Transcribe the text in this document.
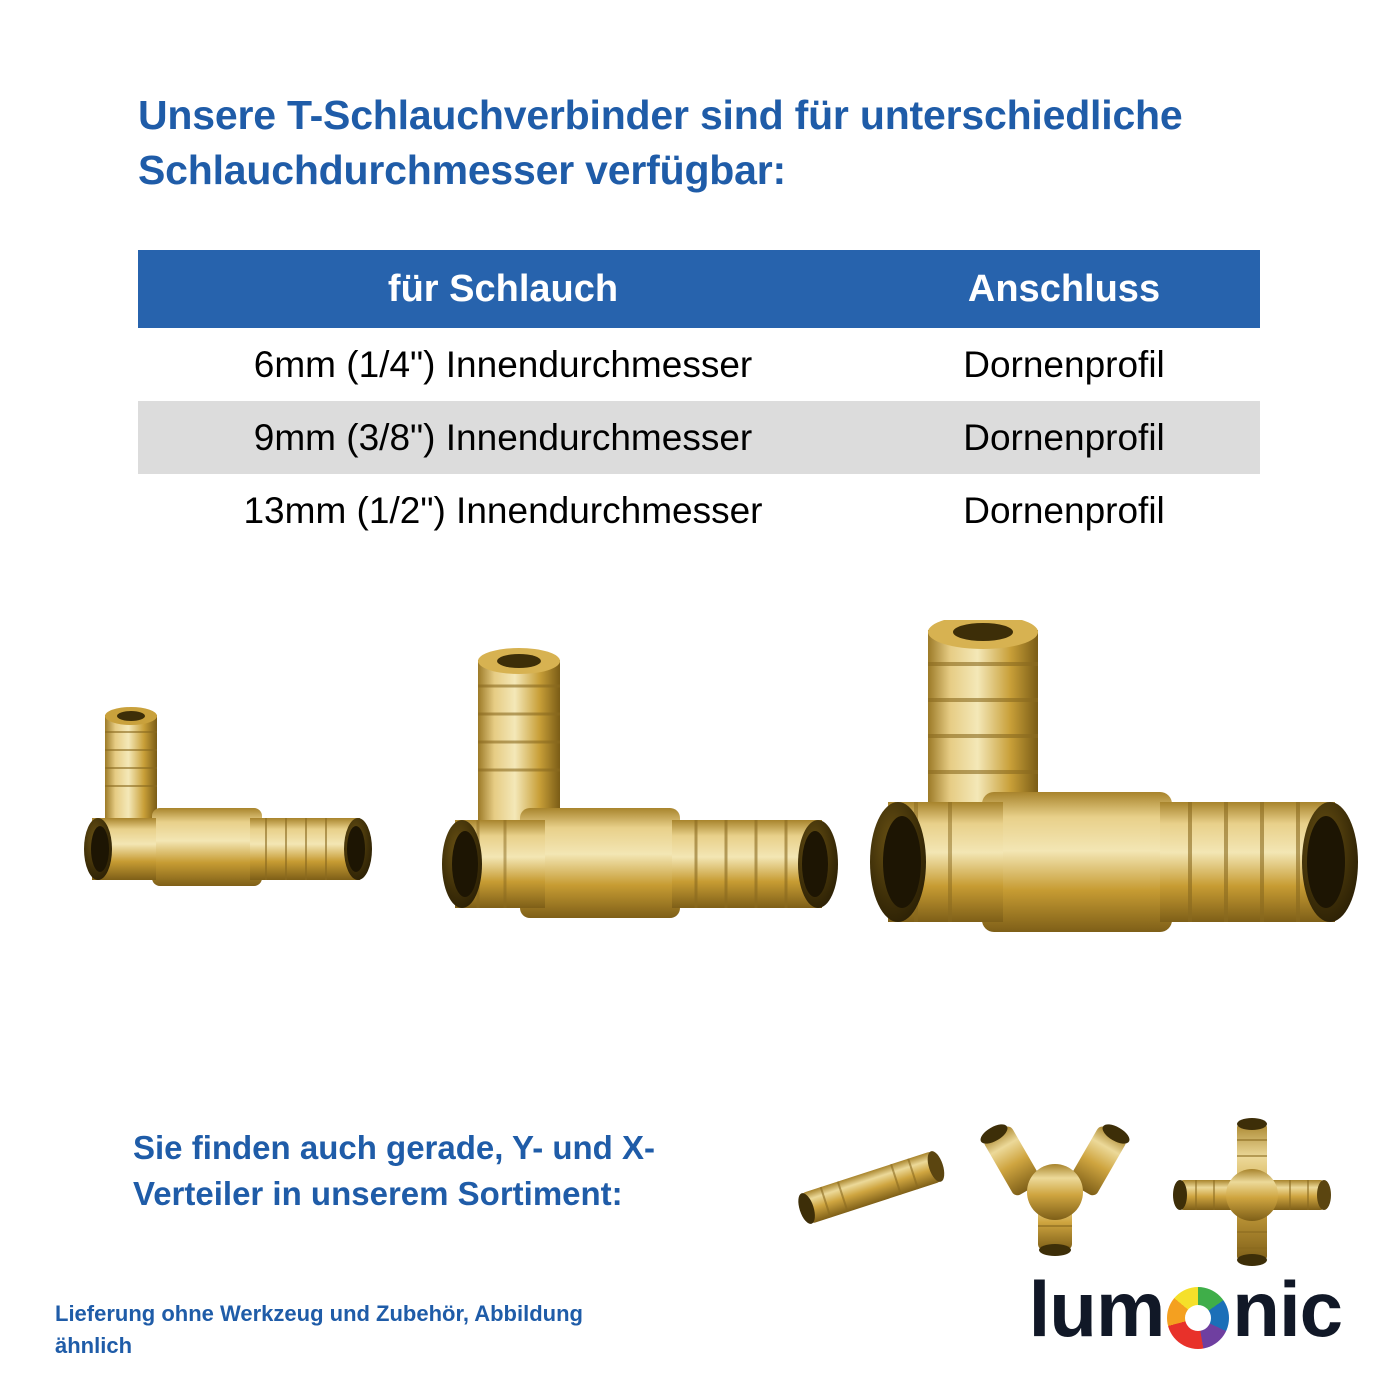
Unsere T-Schlauchverbinder sind für unterschiedliche Schlauchdurchmesser verfügbar:
für Schlauch	Anschluss
6mm (1/4") Innendurchmesser	Dornenprofil
9mm (3/8") Innendurchmesser	Dornenprofil
13mm (1/2") Innendurchmesser	Dornenprofil
Sie finden auch gerade, Y- und X-Verteiler in unserem Sortiment:
Lieferung ohne Werkzeug und Zubehör, Abbildung ähnlich	lum nic
